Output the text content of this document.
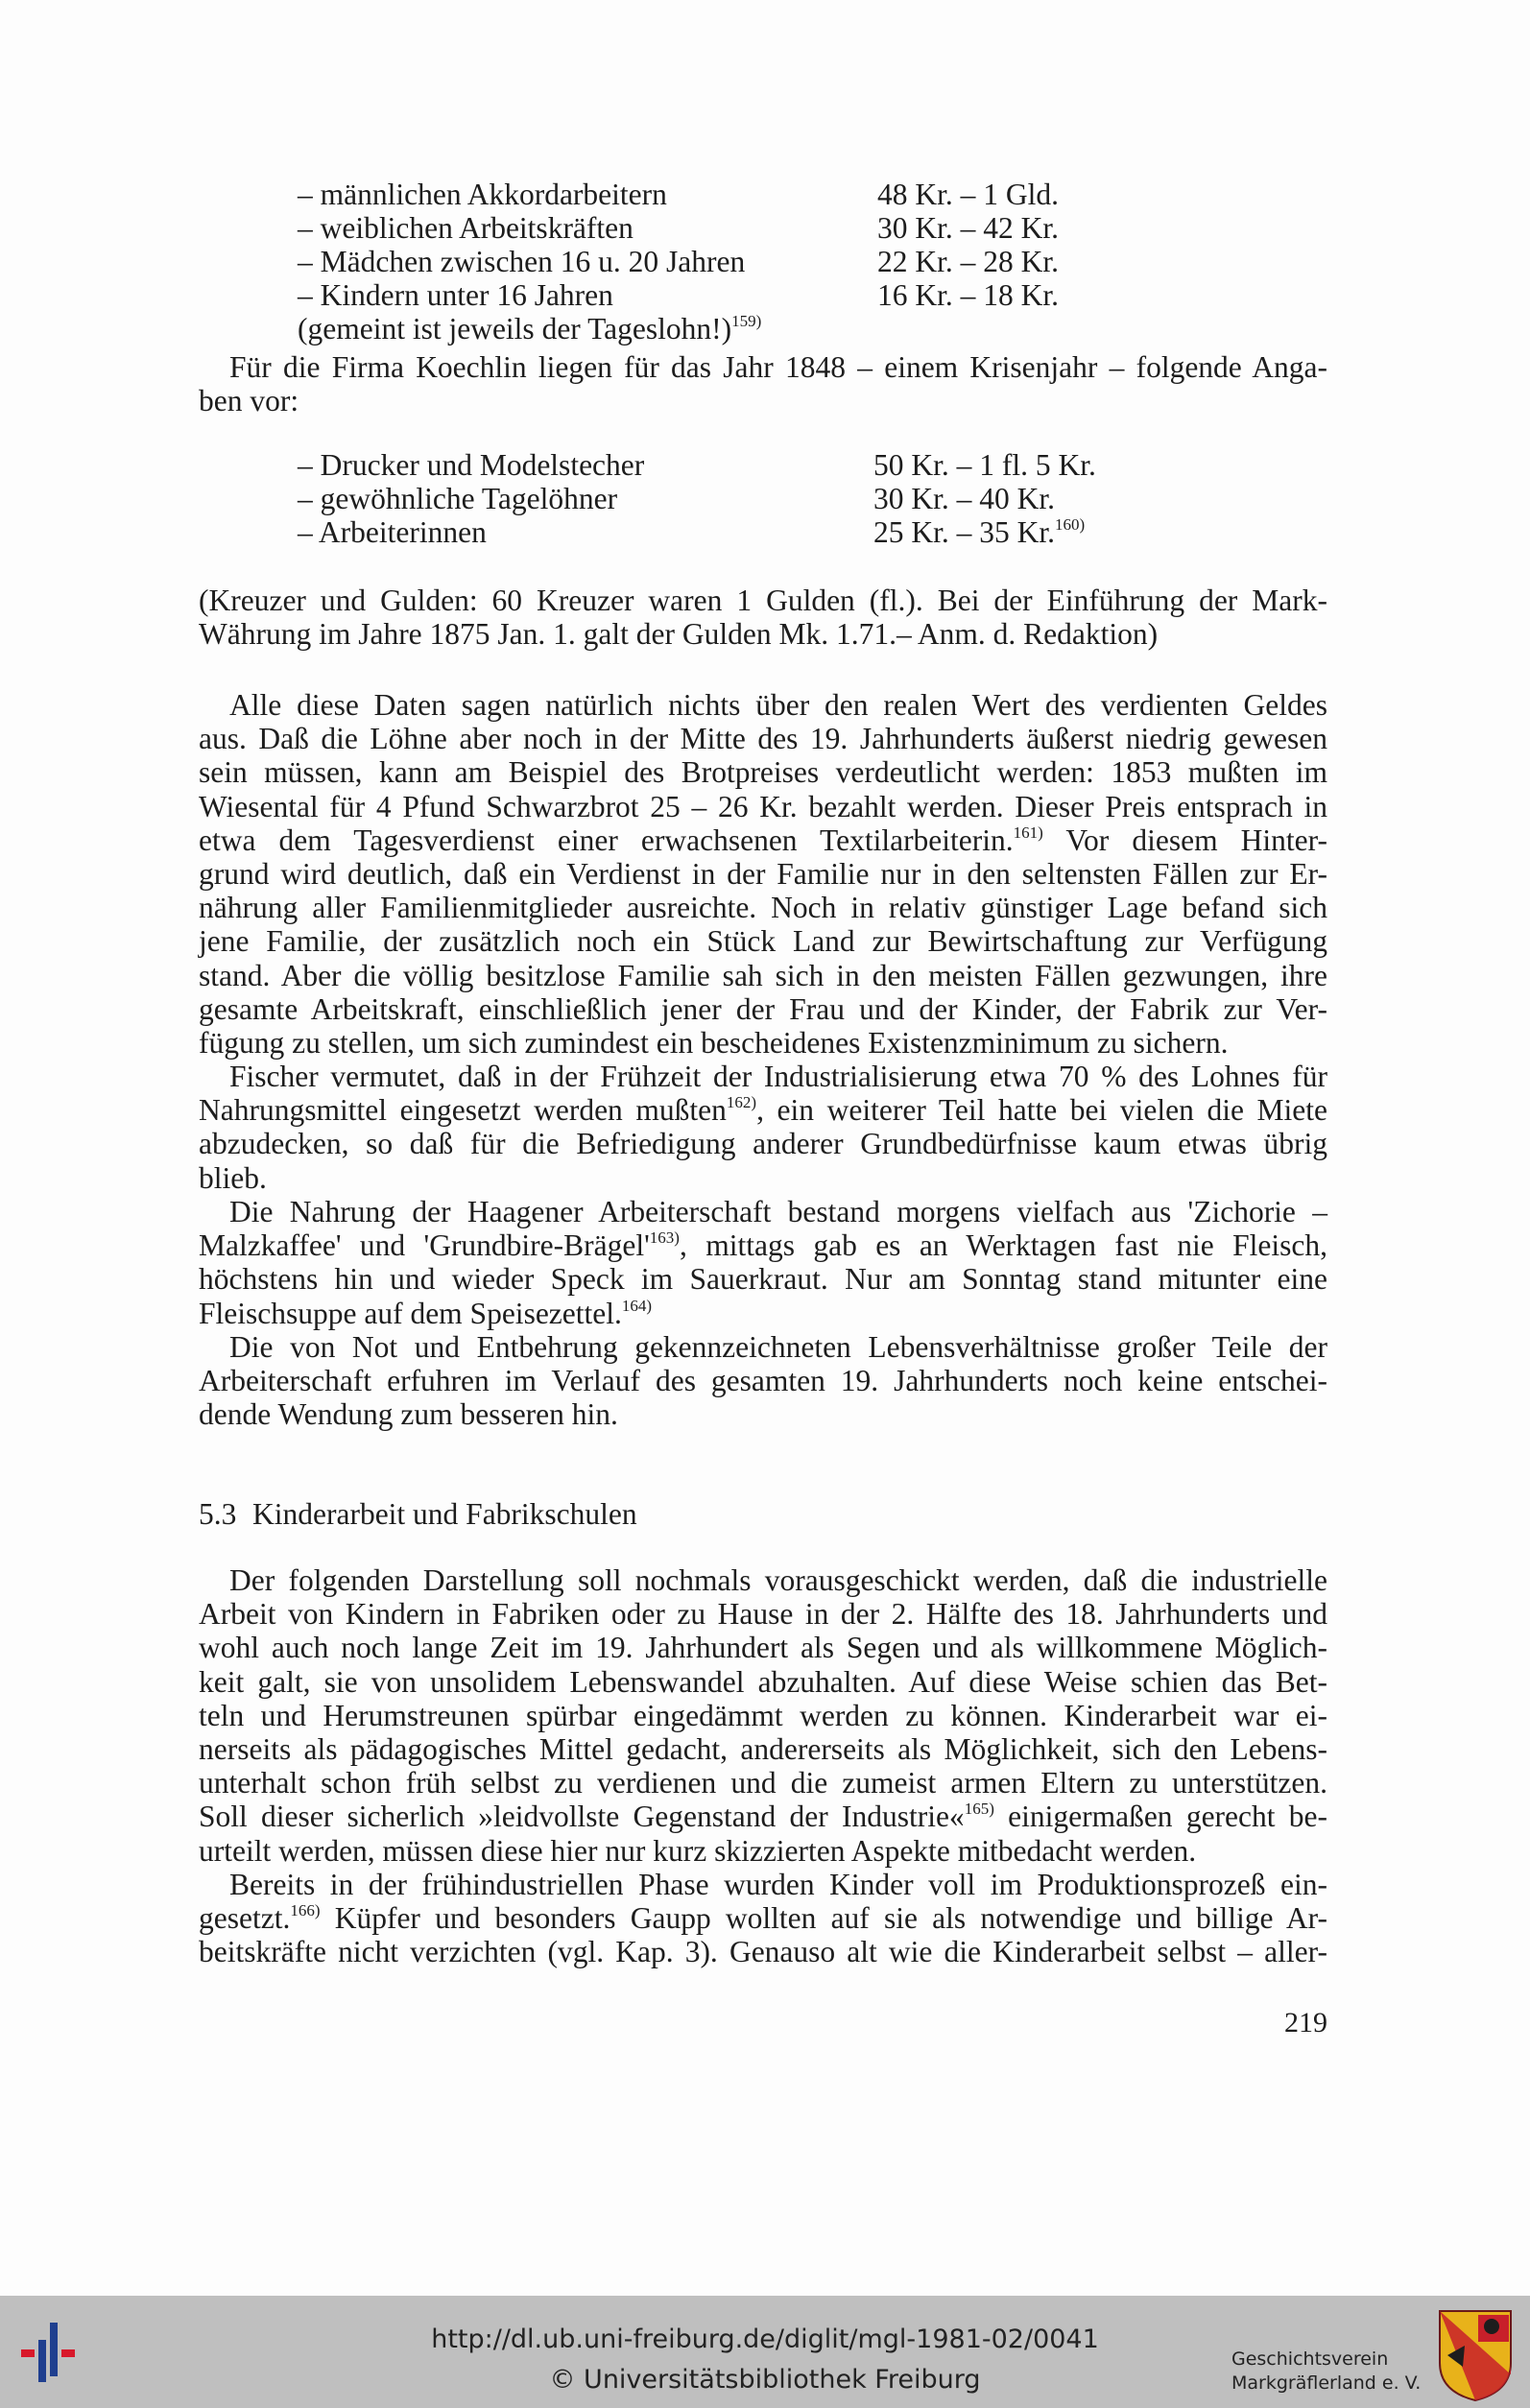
– männlichen Akkordarbeitern	48 Kr. – 1 Gld.
– weiblichen Arbeitskräften	30 Kr. – 42 Kr.
– Mädchen zwischen 16 u. 20 Jahren	22 Kr. – 28 Kr.
– Kindern unter 16 Jahren	16 Kr. – 18 Kr.
(gemeint ist jeweils der Tageslohn!)$^{159)}$
Für die Firma Koechlin liegen für das Jahr 1848 – einem Krisenjahr – folgende Anga-
ben vor:
– Drucker und Modelstecher	50 Kr. – 1 fl. 5 Kr.
– gewöhnliche Tagelöhner	30 Kr. – 40 Kr.
– Arbeiterinnen	25 Kr. – 35 Kr.$^{160)}$
(Kreuzer und Gulden: 60 Kreuzer waren 1 Gulden (fl.). Bei der Einführung der Mark-
Währung im Jahre 1875 Jan. 1. galt der Gulden Mk. 1.71.– Anm. d. Redaktion)
Alle diese Daten sagen natürlich nichts über den realen Wert des verdienten Geldes
aus. Daß die Löhne aber noch in der Mitte des 19. Jahrhunderts äußerst niedrig gewesen
sein müssen, kann am Beispiel des Brotpreises verdeutlicht werden: 1853 mußten im
Wiesental für 4 Pfund Schwarzbrot 25 – 26 Kr. bezahlt werden. Dieser Preis entsprach in
etwa dem Tagesverdienst einer erwachsenen Textilarbeiterin.$^{161)}$ Vor diesem Hinter-
grund wird deutlich, daß ein Verdienst in der Familie nur in den seltensten Fällen zur Er-
nährung aller Familienmitglieder ausreichte. Noch in relativ günstiger Lage befand sich
jene Familie, der zusätzlich noch ein Stück Land zur Bewirtschaftung zur Verfügung
stand. Aber die völlig besitzlose Familie sah sich in den meisten Fällen gezwungen, ihre
gesamte Arbeitskraft, einschließlich jener der Frau und der Kinder, der Fabrik zur Ver-
fügung zu stellen, um sich zumindest ein bescheidenes Existenzminimum zu sichern.
Fischer vermutet, daß in der Frühzeit der Industrialisierung etwa 70 % des Lohnes für
Nahrungsmittel eingesetzt werden mußten$^{162)}$, ein weiterer Teil hatte bei vielen die Miete
abzudecken, so daß für die Befriedigung anderer Grundbedürfnisse kaum etwas übrig
blieb.
Die Nahrung der Haagener Arbeiterschaft bestand morgens vielfach aus 'Zichorie –
Malzkaffee' und '$Grundbire-Brägel'^{163)}$, mittags gab es an Werktagen fast nie Fleisch,
höchstens hin und wieder Speck im Sauerkraut. Nur am Sonntag stand mitunter eine
Fleischsuppe auf dem Speisezettel.$^{164)}$
Die von Not und Entbehrung gekennzeichneten Lebensverhältnisse großer Teile der
Arbeiterschaft erfuhren im Verlauf des gesamten 19. Jahrhunderts noch keine entschei-
dende Wendung zum besseren hin.
5.3 Kinderarbeit und Fabrikschulen
Der folgenden Darstellung soll nochmals vorausgeschickt werden, daß die industrielle
Arbeit von Kindern in Fabriken oder zu Hause in der 2. Hälfte des 18. Jahrhunderts und
wohl auch noch lange Zeit im 19. Jahrhundert als Segen und als willkommene Möglich-
keit galt, sie von unsolidem Lebenswandel abzuhalten. Auf diese Weise schien das Bet-
teln und Herumstreunen spürbar eingedämmt werden zu können. Kinderarbeit war ei-
nerseits als pädagogisches Mittel gedacht, andererseits als Möglichkeit, sich den Lebens-
unterhalt schon früh selbst zu verdienen und die zumeist armen Eltern zu unterstützen.
Soll dieser sicherlich »leidvollste Gegenstand der Industrie«$^{165)}$ einigermaßen gerecht be-
urteilt werden, müssen diese hier nur kurz skizzierten Aspekte mitbedacht werden.
Bereits in der frühindustriellen Phase wurden Kinder voll im Produktionsprozeß ein-
gesetzt.$^{166)}$ Küpfer und besonders Gaupp wollten auf sie als notwendige und billige Ar-
beitskräfte nicht verzichten (vgl. Kap. 3). Genauso alt wie die Kinderarbeit selbst – aller-
219
http://dl.ub.uni-freiburg.de/diglit/mgl-1981-02/0041
© Universitätsbibliothek Freiburg
Geschichtsverein
Markgräflerland e. V.
